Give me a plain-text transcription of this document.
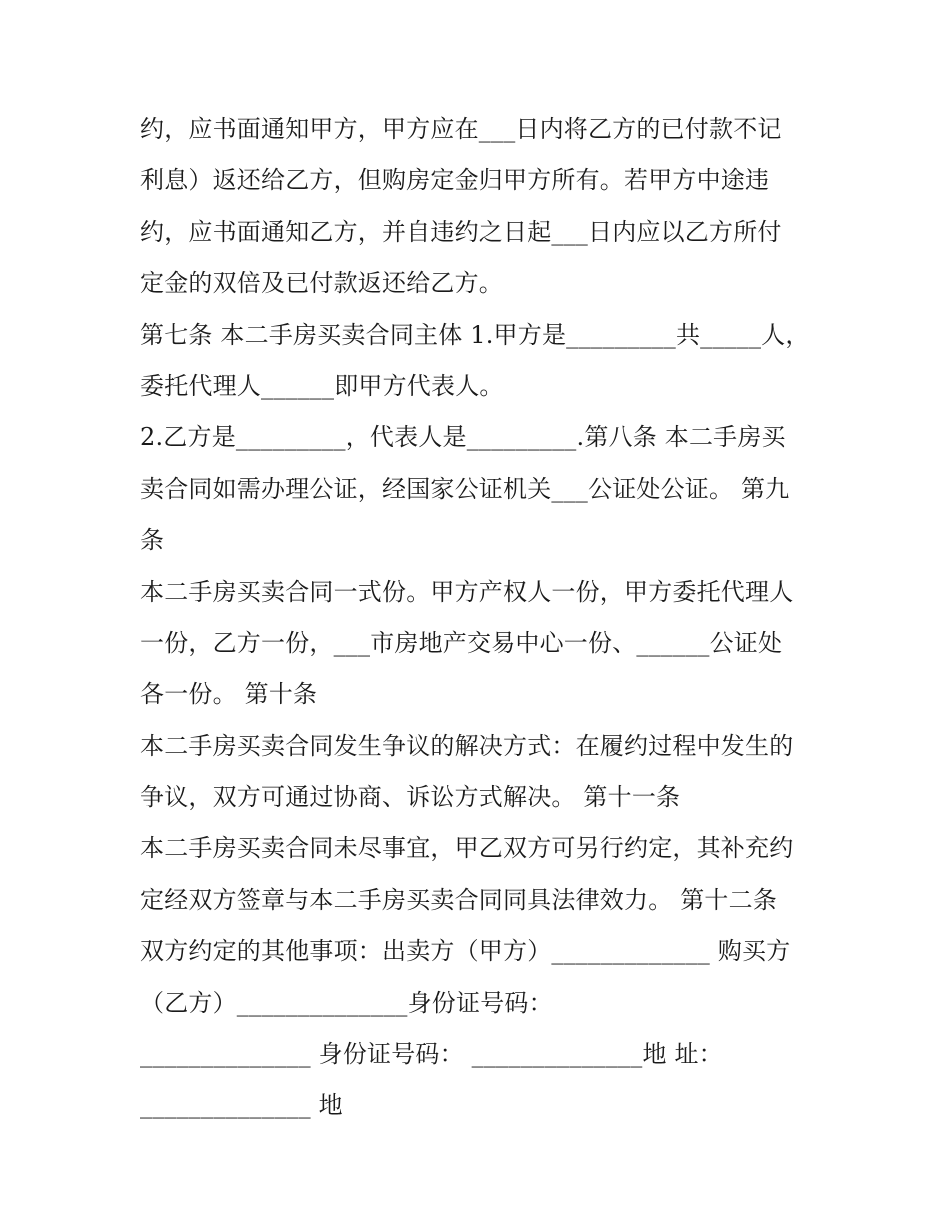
约，应书面通知甲方，甲方应在___日内将乙方的已付款不记
利息）返还给乙方，但购房定金归甲方所有。若甲方中途违
约，应书面通知乙方，并自违约之日起___日内应以乙方所付
定金的双倍及已付款返还给乙方。
第七条 本二手房买卖合同主体 1.甲方是_________共_____人，
委托代理人______即甲方代表人。
2.乙方是_________，代表人是_________.第八条 本二手房买
卖合同如需办理公证，经国家公证机关___公证处公证。 第九
条
本二手房买卖合同一式份。甲方产权人一份，甲方委托代理人
一份，乙方一份，___市房地产交易中心一份、______公证处
各一份。 第十条
本二手房买卖合同发生争议的解决方式：在履约过程中发生的
争议，双方可通过协商、诉讼方式解决。 第十一条
本二手房买卖合同未尽事宜，甲乙双方可另行约定，其补充约
定经双方签章与本二手房买卖合同同具法律效力。 第十二条
双方约定的其他事项：出卖方（甲方）_____________ 购买方
（乙方）______________身份证号码：
______________ 身份证号码： ______________地 址：
______________ 地
